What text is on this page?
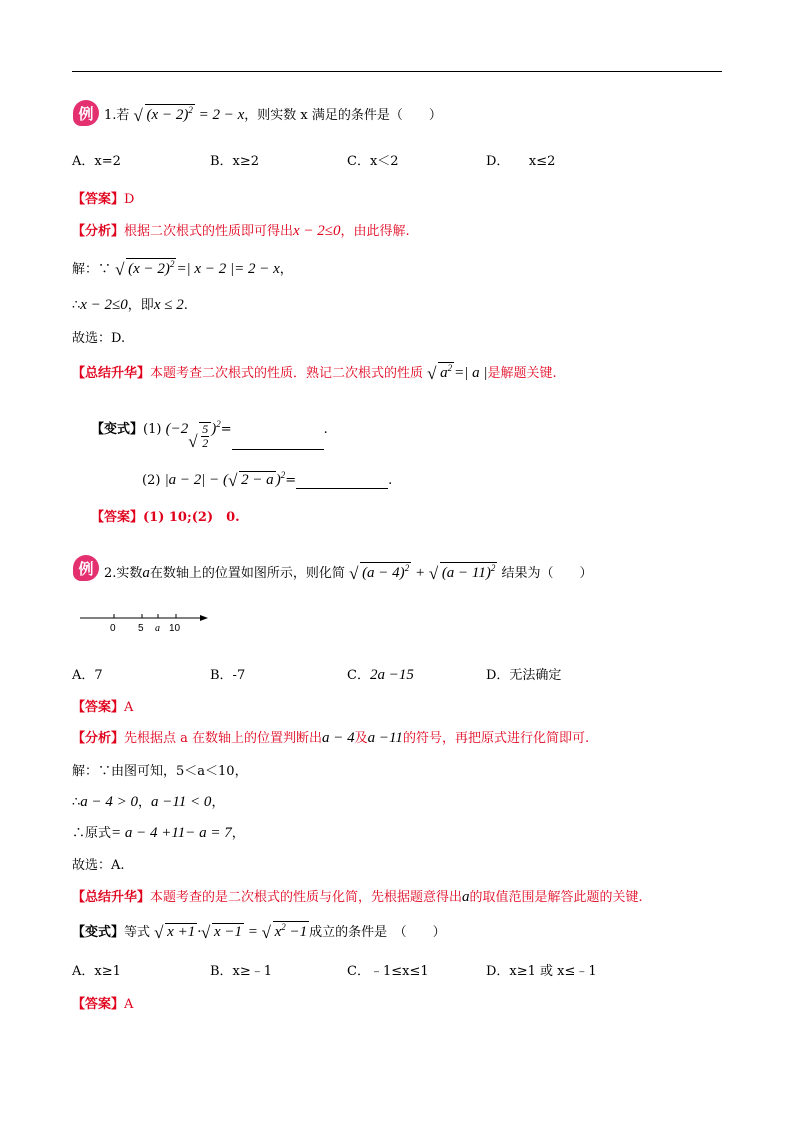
例 1.若 √ $(x - 2)^2 = 2 - x$，则实数 x 满足的条件是（　　）
A．x=2	B．x≥2	C．x＜2	D．　　x≤2
【答案】D
【分析】根据二次根式的性质即可得出x − 2≤0，由此得解.
解：∵ √ $(x - 2)^2$ =| x − 2 |= 2 − x，
∴x − 2≤0，即x ≤ 2.
故选：D.
【总结升华】本题考查二次根式的性质．熟记二次根式的性质 √ $a^2$ =| a |是解题关键.
【变式】(1) (−2
√ $\frac{5}{2} )^2=$	.
(2) |a − 2| − ( √ 2 − a )$^2$=	.
【答案】(1) 10;(2)　0.
例 2.实数a在数轴上的位置如图所示，则化简 √ $(a - 4)^2$ + √ $(a - 11)^2$ 结果为（　　）
0 5 a 10
A．7	B．-7	C．2a −15	D．无法确定
【答案】A
【分析】先根据点 a 在数轴上的位置判断出a − 4及a −11的符号，再把原式进行化简即可.
解：∵由图可知，5＜a＜10，
∴a − 4 > 0，a −11 < 0，
∴原式= a − 4 +11− a = 7，
故选：A.
【总结升华】本题考查的是二次根式的性质与化简，先根据题意得出a的取值范围是解答此题的关键.
【变式】等式 √ x +1 · √ x −1 = √ $x^2 -1$ 成立的条件是　（　　）
A．x≥1	B．x≥﹣1	C．﹣1≤x≤1	D．x≥1 或 x≤﹣1
【答案】A
